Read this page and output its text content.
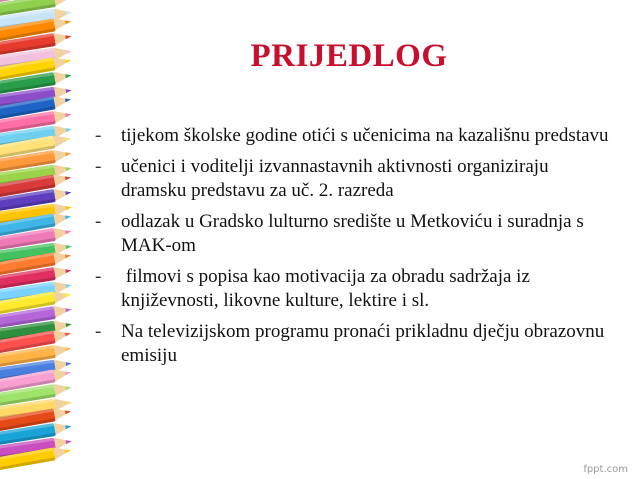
PRIJEDLOG
- tijekom školske godine otići s učenicima na kazališnu predstavu
- učenici i voditelji izvannastavnih aktivnosti organiziraju dramsku predstavu za uč. 2. razreda
- odlazak u Gradsko lulturno središte u Metkoviću i suradnja s MAK-om
- filmovi s popisa kao motivacija za obradu sadržaja iz književnosti, likovne kulture, lektire i sl.
- Na televizijskom programu pronaći prikladnu dječju obrazovnu emisiju
fppt.com
